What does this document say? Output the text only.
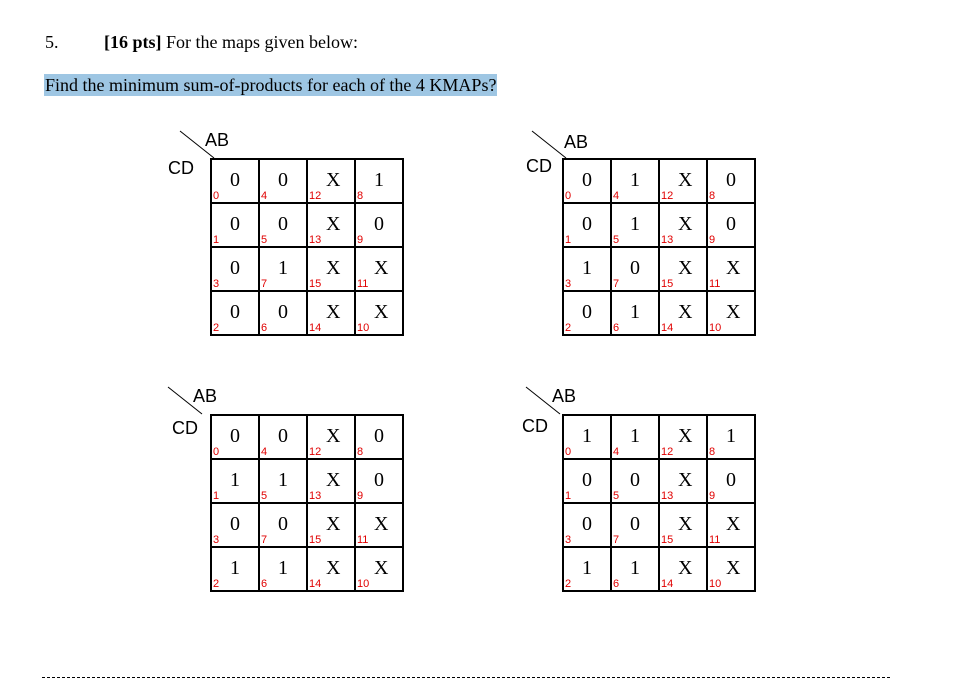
5.	[16 pts] For the maps given below:
Find the minimum sum-of-products for each of the 4 KMAPs?
AB
CD
0
0
0
4
X
12
1
8
0
1
0
5
X
13
0
9
0
3
1
7
X
15
X
11
0
2
0
6
X
14
X
10
AB
CD
0
0
1
4
X
12
0
8
0
1
1
5
X
13
0
9
1
3
0
7
X
15
X
11
0
2
1
6
X
14
X
10
AB
CD 0
0
0
4
X
12
0
8
1
1
1
5
X
13
0
9
0
3
0
7
X
15
X
11
1
2
1
6
X
14
X
10
AB
CD 1
0
1
4
X
12
1
8
0
1
0
5
X
13
0
9
0
3
0
7
X
15
X
11
1
2
1
6
X
14
X
10
